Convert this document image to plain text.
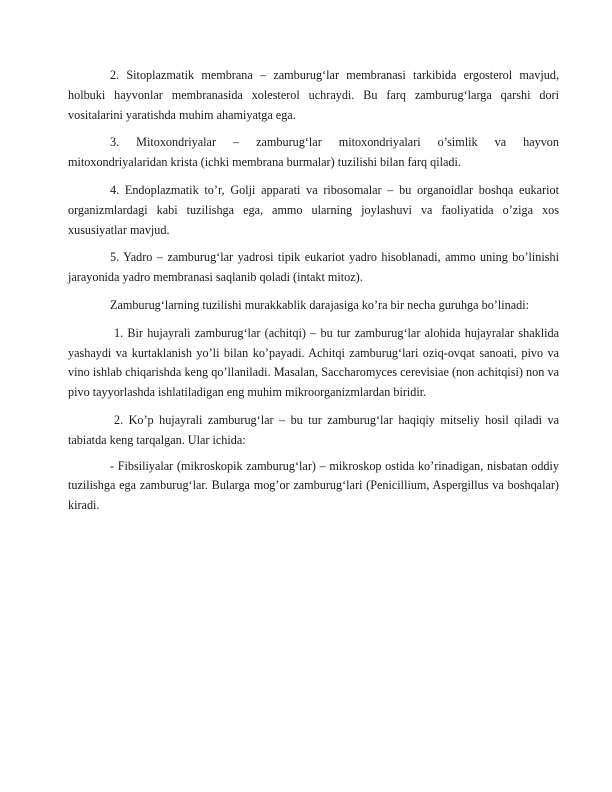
2. Sitoplazmatik membrana – zamburug‘lar membranasi tarkibida ergosterol mavjud, holbuki hayvonlar membranasida xolesterol uchraydi. Bu farq zamburug‘larga qarshi dori vositalarini yaratishda muhim ahamiyatga ega.

3. Mitoxondriyalar – zamburug‘lar mitoxondriyalari o’simlik va hayvon mitoxondriyalaridan krista (ichki membrana burmalar) tuzilishi bilan farq qiladi.

4. Endoplazmatik to’r, Golji apparati va ribosomalar – bu organoidlar boshqa eukariot organizmlardagi kabi tuzilishga ega, ammo ularning joylashuvi va faoliyatida o’ziga xos xususiyatlar mavjud.

5. Yadro – zamburug‘lar yadrosi tipik eukariot yadro hisoblanadi, ammo uning bo’linishi jarayonida yadro membranasi saqlanib qoladi (intakt mitoz).

Zamburug‘larning tuzilishi murakkablik darajasiga ko’ra bir necha guruhga bo’linadi:

1. Bir hujayrali zamburug‘lar (achitqi) – bu tur zamburug‘lar alohida hujayralar shaklida yashaydi va kurtaklanish yo’li bilan ko’payadi. Achitqi zamburug‘lari oziq-ovqat sanoati, pivo va vino ishlab chiqarishda keng qo’llaniladi. Masalan, Saccharomyces cerevisiae (non achitqisi) non va pivo tayyorlashda ishlatiladigan eng muhim mikroorganizmlardan biridir.

2. Ko’p hujayrali zamburug‘lar – bu tur zamburug‘lar haqiqiy mitseliy hosil qiladi va tabiatda keng tarqalgan. Ular ichida:

- Fibsiliyalar (mikroskopik zamburug‘lar) – mikroskop ostida ko’rinadigan, nisbatan oddiy tuzilishga ega zamburug‘lar. Bularga mog’or zamburug‘lari (Penicillium, Aspergillus va boshqalar) kiradi.
